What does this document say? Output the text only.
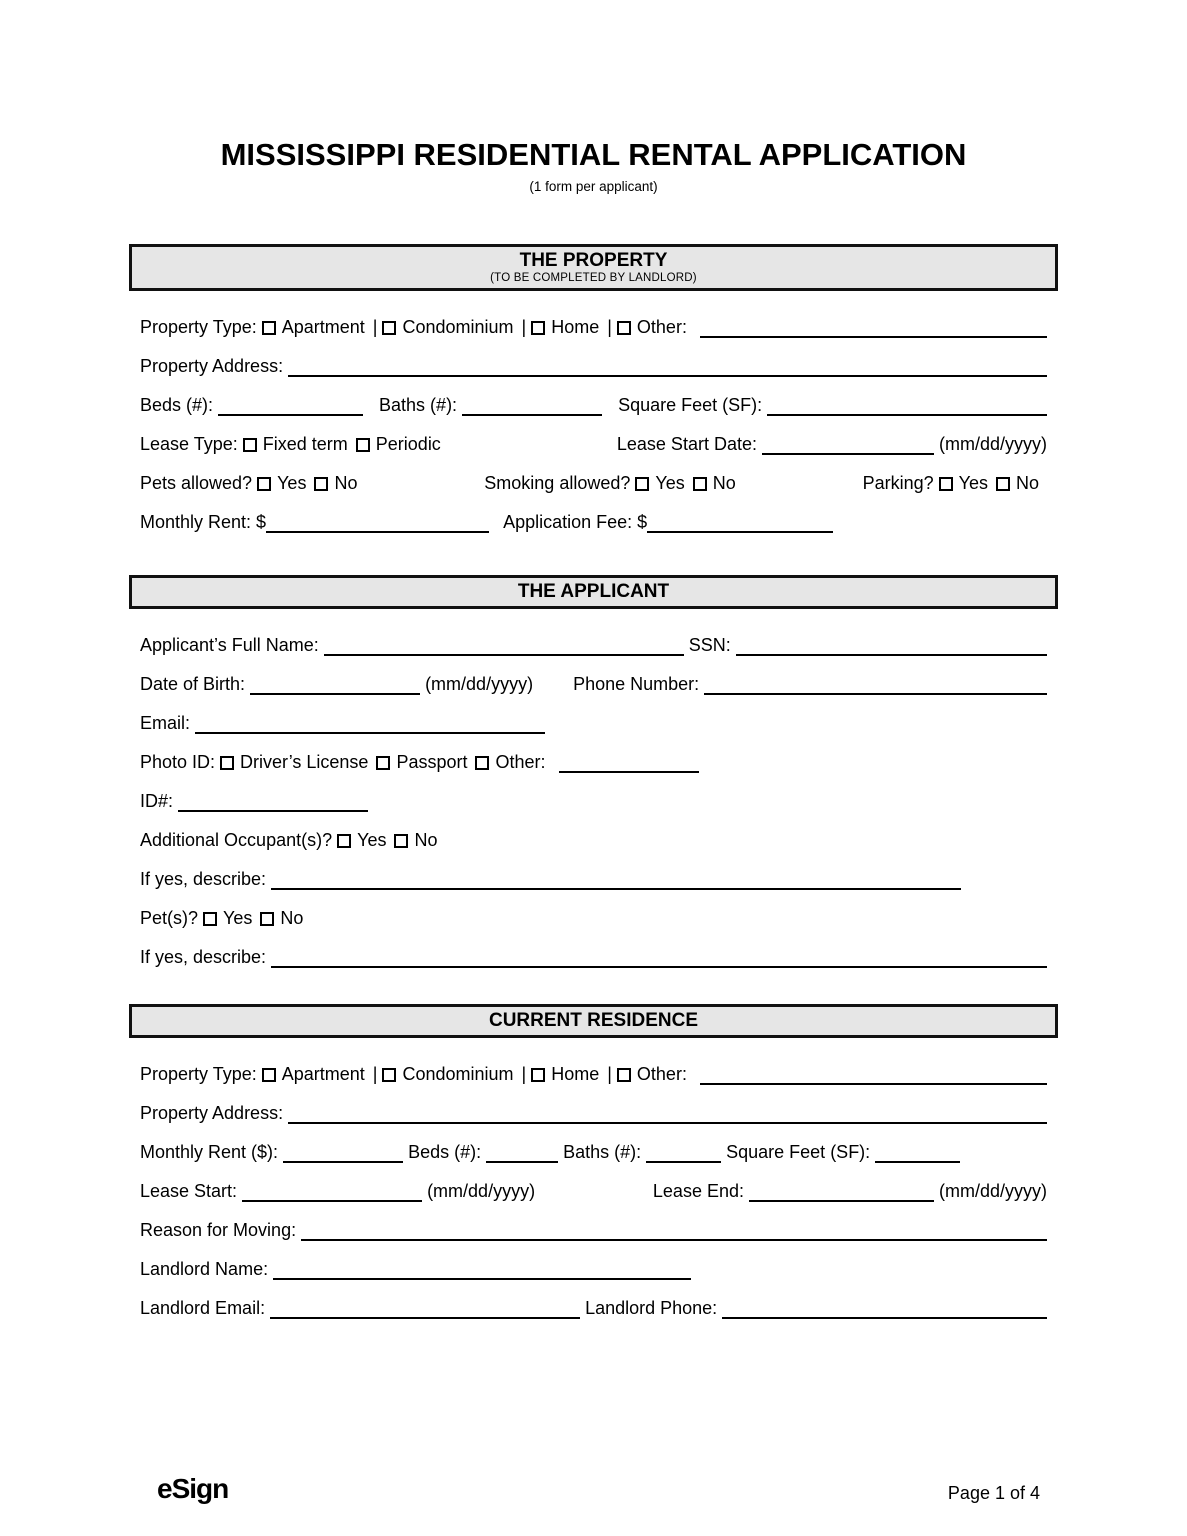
MISSISSIPPI RESIDENTIAL RENTAL APPLICATION
(1 form per applicant)
THE PROPERTY
(TO BE COMPLETED BY LANDLORD)
Property Type:	Apartment |	Condominium |	Home |	Other:
Property Address:
Beds (#):	Baths (#):	Square Feet (SF):
Lease Type:	Fixed term	Periodic	Lease Start Date:	(mm/dd/yyyy)
Pets allowed?	Yes	No	Smoking allowed?	Yes	No	Parking?	Yes	No
Monthly Rent: $	Application Fee: $
THE APPLICANT
Applicant’s Full Name:	SSN:
Date of Birth:	(mm/dd/yyyy) Phone Number:
Email:
Photo ID:	Driver’s License	Passport	Other:
ID#:
Additional Occupant(s)?	Yes	No
If yes, describe:
Pet(s)?	Yes	No
If yes, describe:
CURRENT RESIDENCE
Property Type:	Apartment |	Condominium |	Home |	Other:
Property Address:
Monthly Rent ($):	Beds (#):	Baths (#):	Square Feet (SF):
Lease Start:	(mm/dd/yyyy)	Lease End:	(mm/dd/yyyy)
Reason for Moving:
Landlord Name:
Landlord Email:	Landlord Phone:
eSign	Page 1 of 4
